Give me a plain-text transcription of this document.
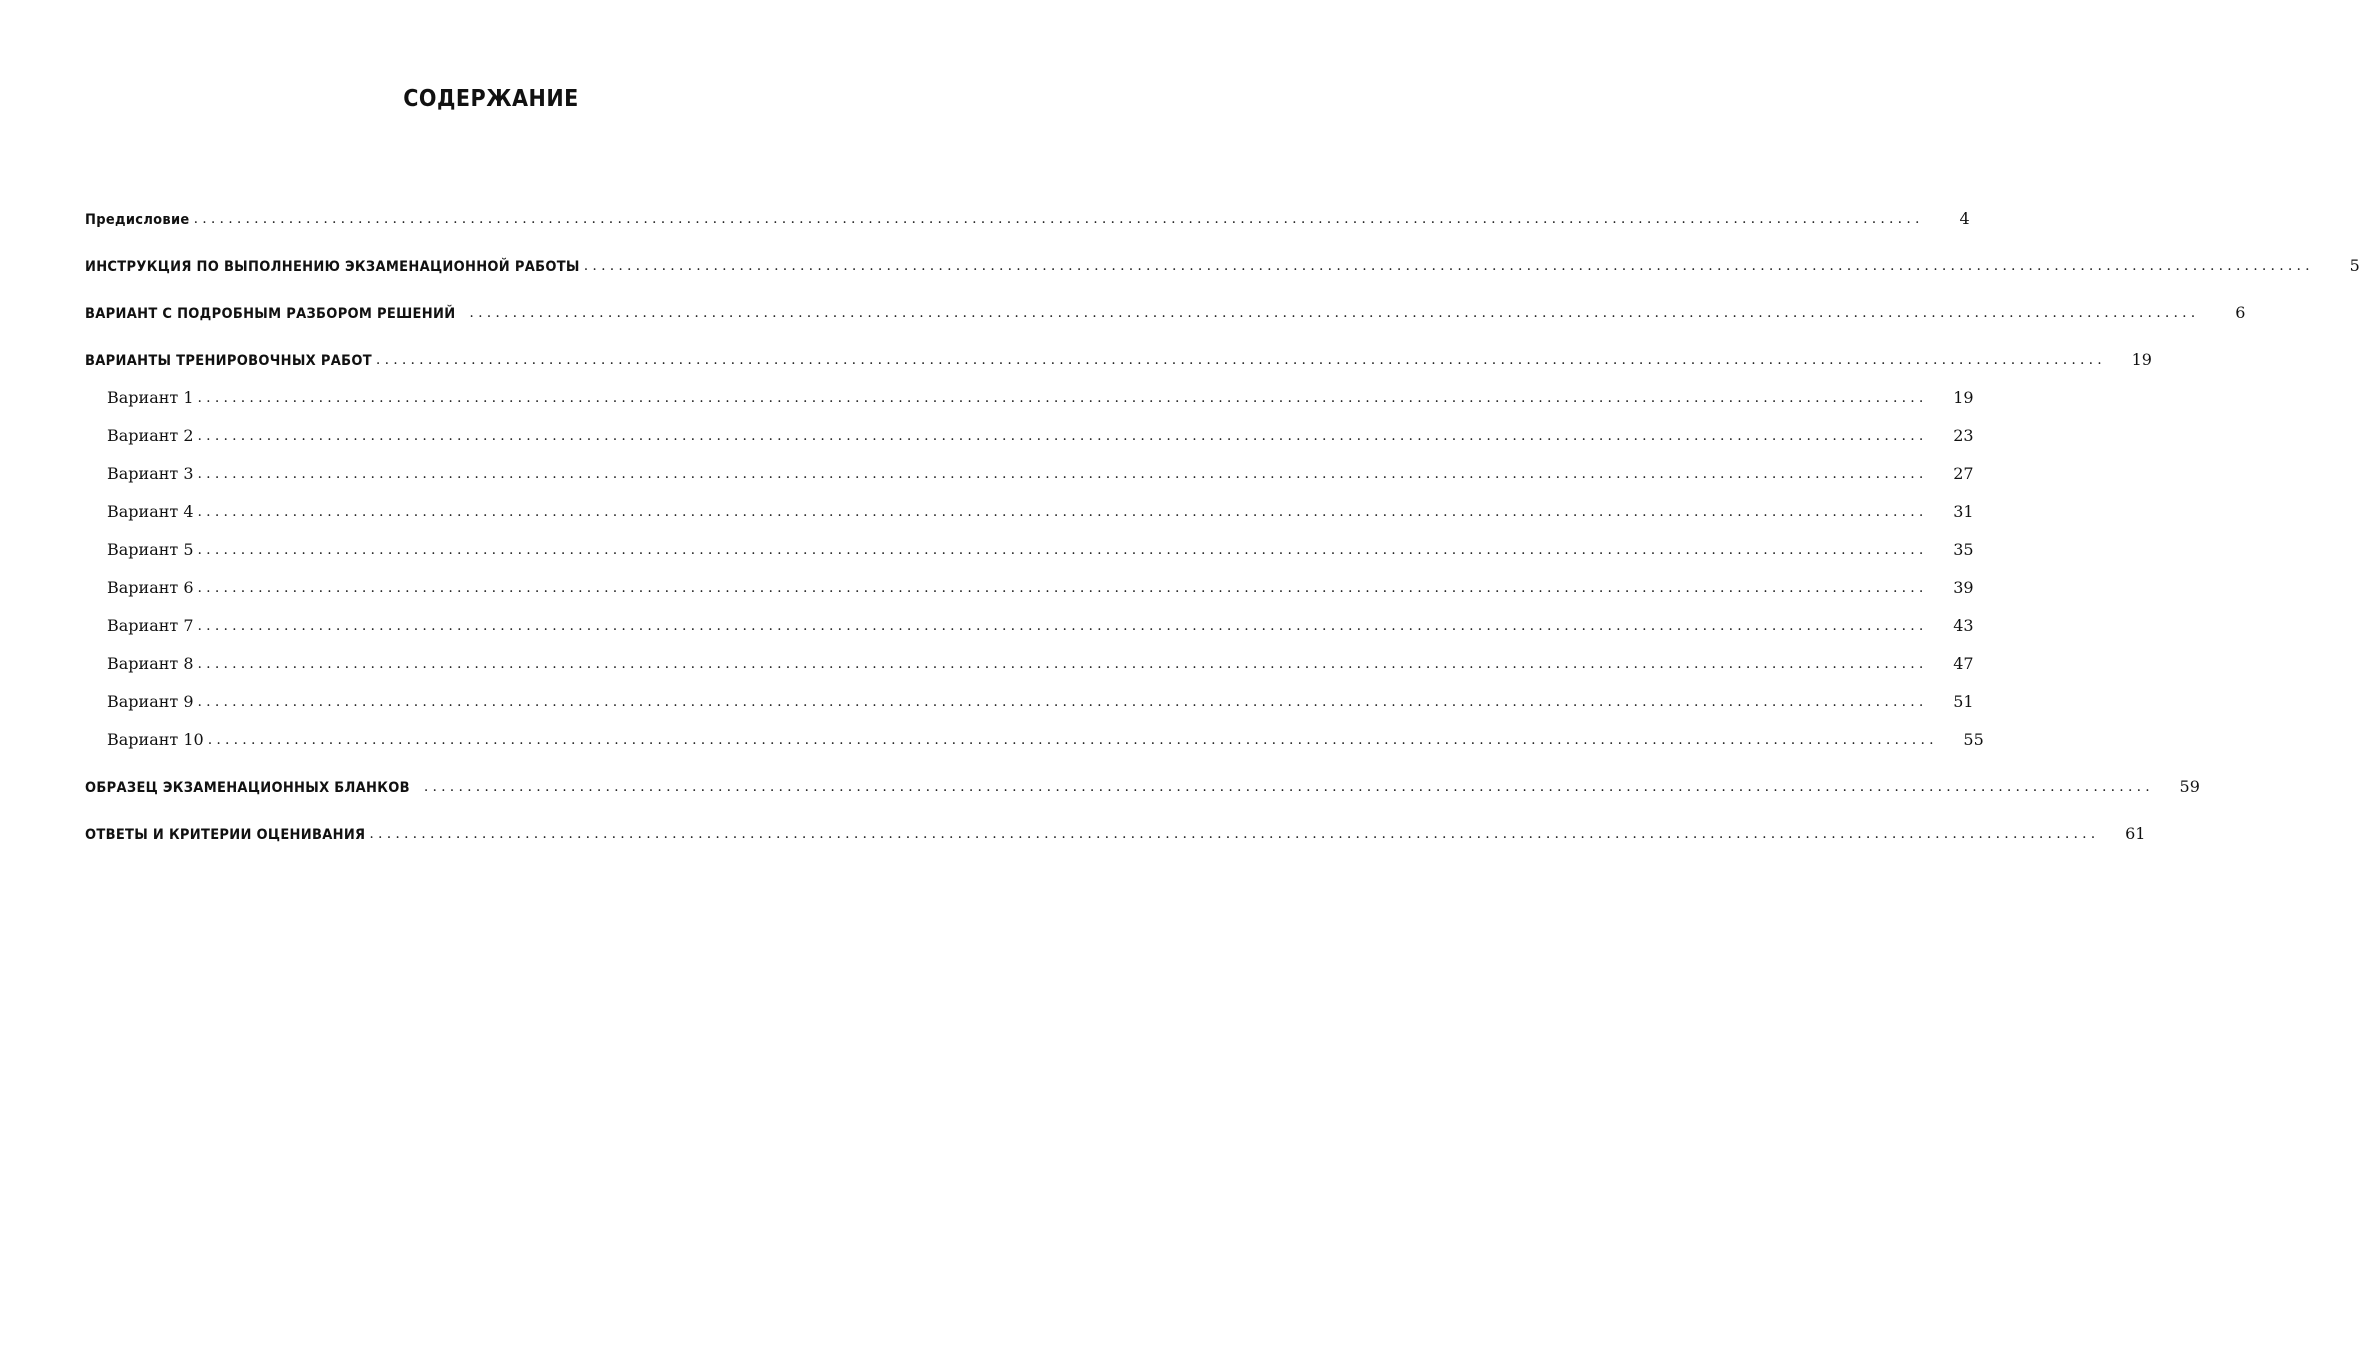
СОДЕРЖАНИЕ
Предисловие ........................................................................................................................................................................................................	4
ИНСТРУКЦИЯ ПО ВЫПОЛНЕНИЮ ЭКЗАМЕНАЦИОННОЙ РАБОТЫ ........................................................................................................................................................................................................	5
ВАРИАНТ С ПОДРОБНЫМ РАЗБОРОМ РЕШЕНИЙ ........................................................................................................................................................................................................	6
ВАРИАНТЫ ТРЕНИРОВОЧНЫХ РАБОТ ........................................................................................................................................................................................................	19
Вариант 1 ........................................................................................................................................................................................................	19
Вариант 2 ........................................................................................................................................................................................................	23
Вариант 3 ........................................................................................................................................................................................................	27
Вариант 4 ........................................................................................................................................................................................................	31
Вариант 5 ........................................................................................................................................................................................................	35
Вариант 6 ........................................................................................................................................................................................................	39
Вариант 7 ........................................................................................................................................................................................................	43
Вариант 8 ........................................................................................................................................................................................................	47
Вариант 9 ........................................................................................................................................................................................................	51
Вариант 10 ........................................................................................................................................................................................................	55
ОБРАЗЕЦ ЭКЗАМЕНАЦИОННЫХ БЛАНКОВ ........................................................................................................................................................................................................	59
ОТВЕТЫ И КРИТЕРИИ ОЦЕНИВАНИЯ ........................................................................................................................................................................................................	61
